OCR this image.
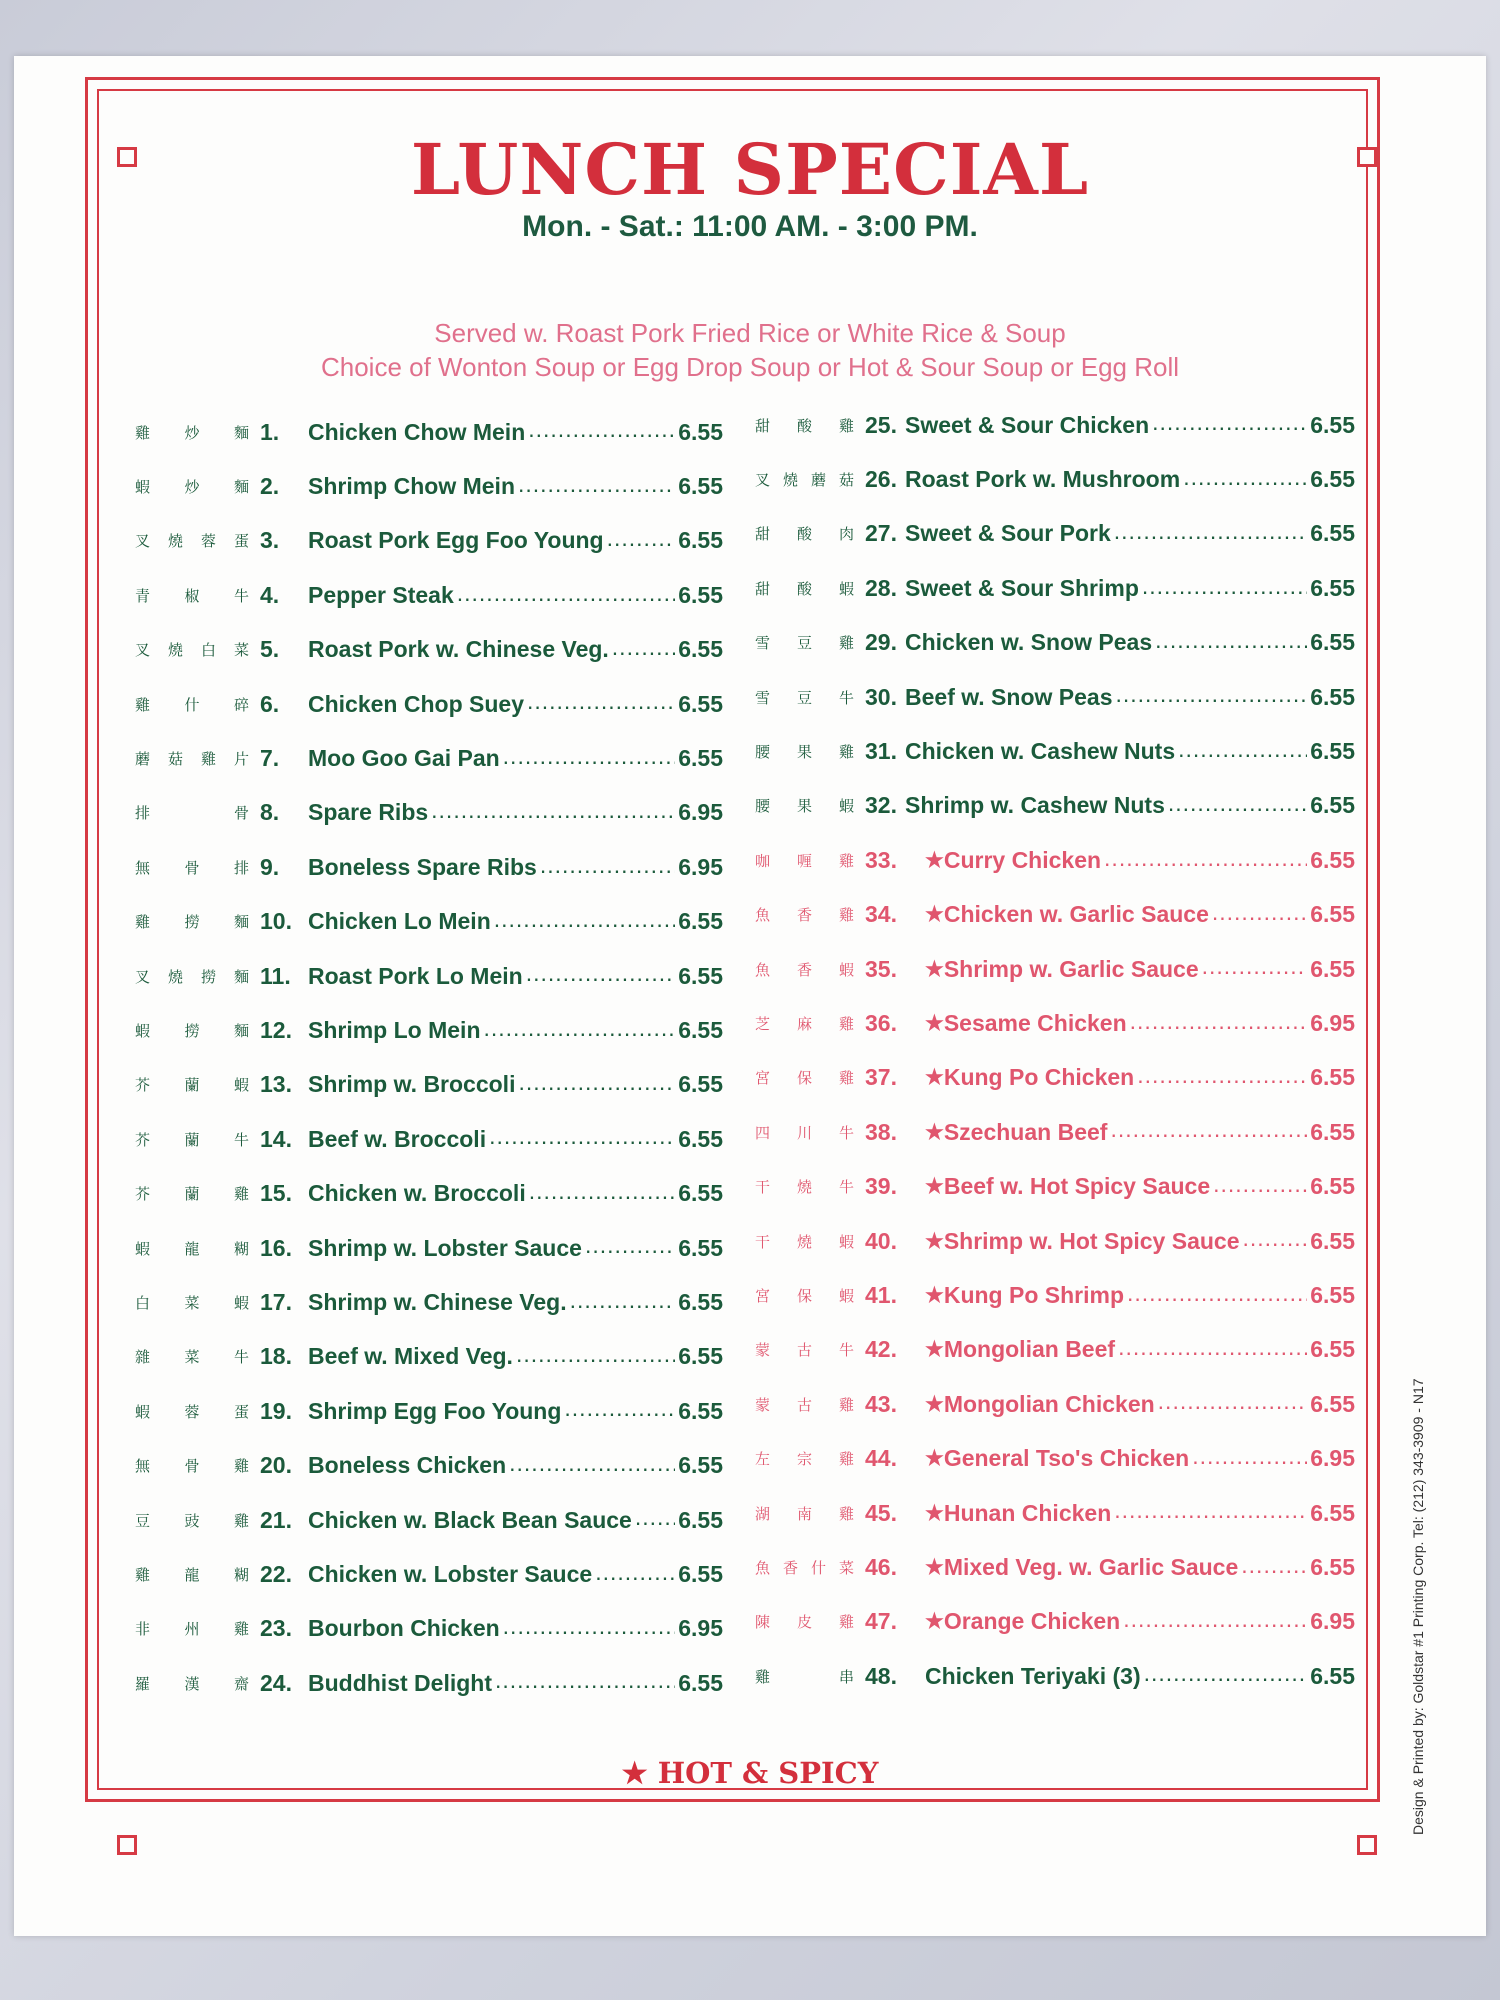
LUNCH SPECIAL
Mon. - Sat.: 11:00 AM. - 3:00 PM.
Served w. Roast Pork Fried Rice or White Rice & Soup
Choice of Wonton Soup or Egg Drop Soup or Hot & Sour Soup or Egg Roll
雞 炒 麵 1.	Chicken Chow Mein .....	6.55
蝦 炒 麵 2.	Shrimp Chow Mein .....	6.55
叉 燒 蓉 蛋 3.	Roast Pork Egg Foo Young .....	6.55
青 椒 牛 4.	Pepper Steak .....	6.55
叉 燒 白 菜 5.	Roast Pork w. Chinese Veg. .....	6.55
雞 什 碎 6.	Chicken Chop Suey .....	6.55
蘑 菇 雞 片 7.	Moo Goo Gai Pan .....	6.55
排	骨 8.	Spare Ribs .....	6.95
無 骨 排 9.	Boneless Spare Ribs .....	6.95
雞 撈 麵 10. Chicken Lo Mein .....	6.55
叉 燒 撈 麵 11. Roast Pork Lo Mein .....	6.55
蝦 撈 麵 12. Shrimp Lo Mein .....	6.55
芥 蘭 蝦 13. Shrimp w. Broccoli .....	6.55
芥 蘭 牛 14. Beef w. Broccoli .....	6.55
芥 蘭 雞 15. Chicken w. Broccoli .....	6.55
蝦 龍 糊 16. Shrimp w. Lobster Sauce .....	6.55
白 菜 蝦 17. Shrimp w. Chinese Veg. .....	6.55
雜 菜 牛 18. Beef w. Mixed Veg. .....	6.55
蝦 蓉 蛋 19. Shrimp Egg Foo Young .....	6.55
無 骨 雞 20. Boneless Chicken .....	6.55
豆 豉 雞 21. Chicken w. Black Bean Sauce ..... 6.55
雞 龍 糊 22. Chicken w. Lobster Sauce .....	6.55
非 州 雞 23. Bourbon Chicken .....	6.95
羅 漢 齋 24. Buddhist Delight .....	6.55
甜 酸 雞 25. Sweet & Sour Chicken .....	6.55
叉 燒 蘑 菇 26. Roast Pork w. Mushroom .....	6.55
甜 酸 肉 27. Sweet & Sour Pork .....	6.55
甜 酸 蝦 28. Sweet & Sour Shrimp .....	6.55
雪 豆 雞 29. Chicken w. Snow Peas .....	6.55
雪 豆 牛 30. Beef w. Snow Peas .....	6.55
腰 果 雞 31. Chicken w. Cashew Nuts .....	6.55
腰 果 蝦 32. Shrimp w. Cashew Nuts .....	6.55
咖 喱 雞 33.	★ Curry Chicken .....	6.55
魚 香 雞 34.	★ Chicken w. Garlic Sauce .....	6.55
魚 香 蝦 35.	★ Shrimp w. Garlic Sauce .....	6.55
芝 麻 雞 36.	★ Sesame Chicken .....	6.95
宮 保 雞 37.	★ Kung Po Chicken .....	6.55
四 川 牛 38.	★ Szechuan Beef .....	6.55
干 燒 牛 39.	★ Beef w. Hot Spicy Sauce .....	6.55
干 燒 蝦 40.	★ Shrimp w. Hot Spicy Sauce .....	6.55
宮 保 蝦 41.	★ Kung Po Shrimp .....	6.55
蒙 古 牛 42.	★ Mongolian Beef .....	6.55
蒙 古 雞 43.	★ Mongolian Chicken .....	6.55
左 宗 雞 44.	★ General Tso's Chicken .....	6.95
湖 南 雞 45.	★ Hunan Chicken .....	6.55
魚 香 什 菜 46.	★ Mixed Veg. w. Garlic Sauce .....	6.55
陳 皮 雞 47.	★ Orange Chicken .....	6.95
雞	串 48.	Chicken Teriyaki (3) .....	6.55
★ HOT & SPICY	Design & Printed by: Goldstar #1 Printing Corp. Tel: (212) 343-3909 - N17
